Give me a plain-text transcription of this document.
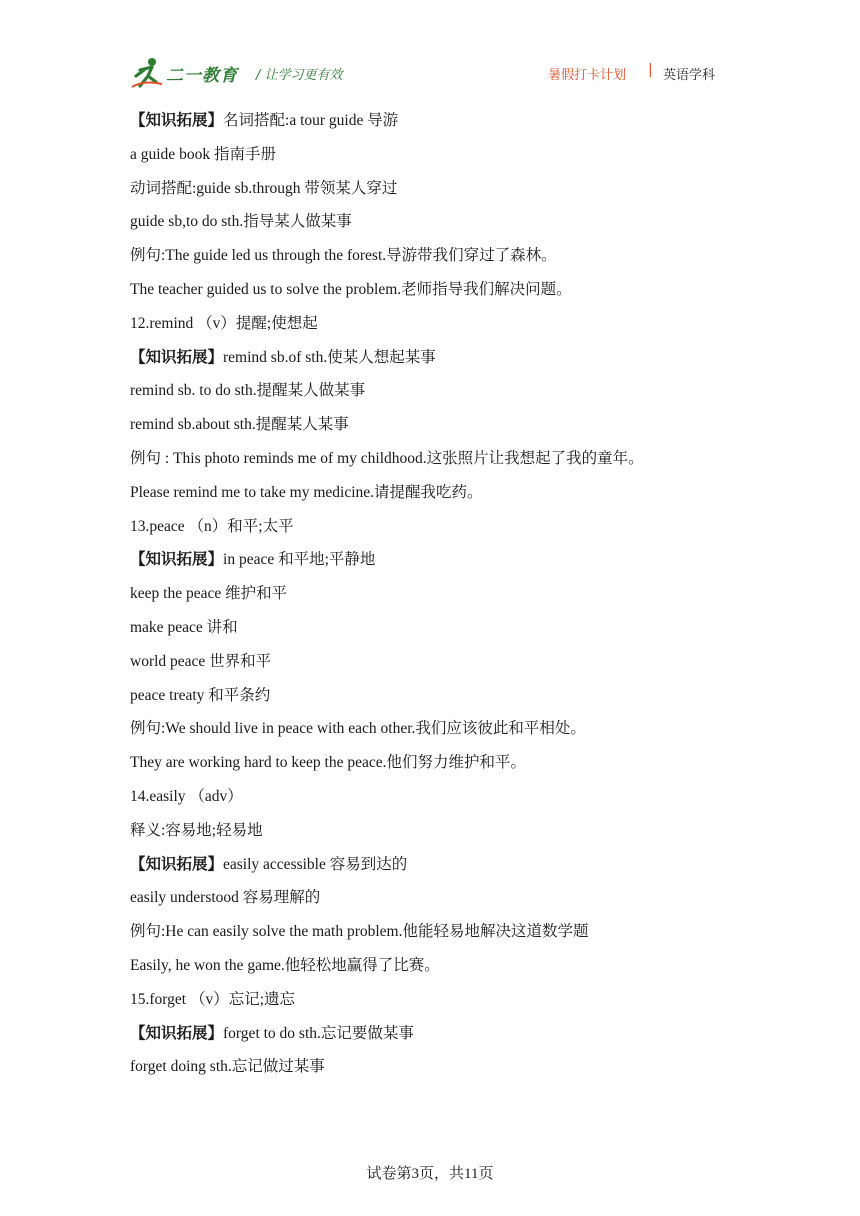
二一教育 / 让学习更有效	暑假打卡计划 | 英语学科
【知识拓展】名词搭配:a tour guide 导游
a guide book 指南手册
动词搭配:guide sb.through 带领某人穿过
guide sb,to do sth.指导某人做某事
例句:The guide led us through the forest.导游带我们穿过了森林。
The teacher guided us to solve the problem.老师指导我们解决问题。
12.remind （v）提醒;使想起
【知识拓展】remind sb.of sth.使某人想起某事
remind sb. to do sth.提醒某人做某事
remind sb.about sth.提醒某人某事
例句 : This photo reminds me of my childhood.这张照片让我想起了我的童年。
Please remind me to take my medicine.请提醒我吃药。
13.peace （n）和平;太平
【知识拓展】in peace 和平地;平静地
keep the peace 维护和平
make peace 讲和
world peace 世界和平
peace treaty 和平条约
例句:We should live in peace with each other.我们应该彼此和平相处。
They are working hard to keep the peace.他们努力维护和平。
14.easily （adv）
释义:容易地;轻易地
【知识拓展】easily accessible 容易到达的
easily understood 容易理解的
例句:He can easily solve the math problem.他能轻易地解决这道数学题
Easily, he won the game.他轻松地赢得了比赛。
15.forget （v）忘记;遗忘
【知识拓展】forget to do sth.忘记要做某事
forget doing sth.忘记做过某事
试卷第3页，共11页
